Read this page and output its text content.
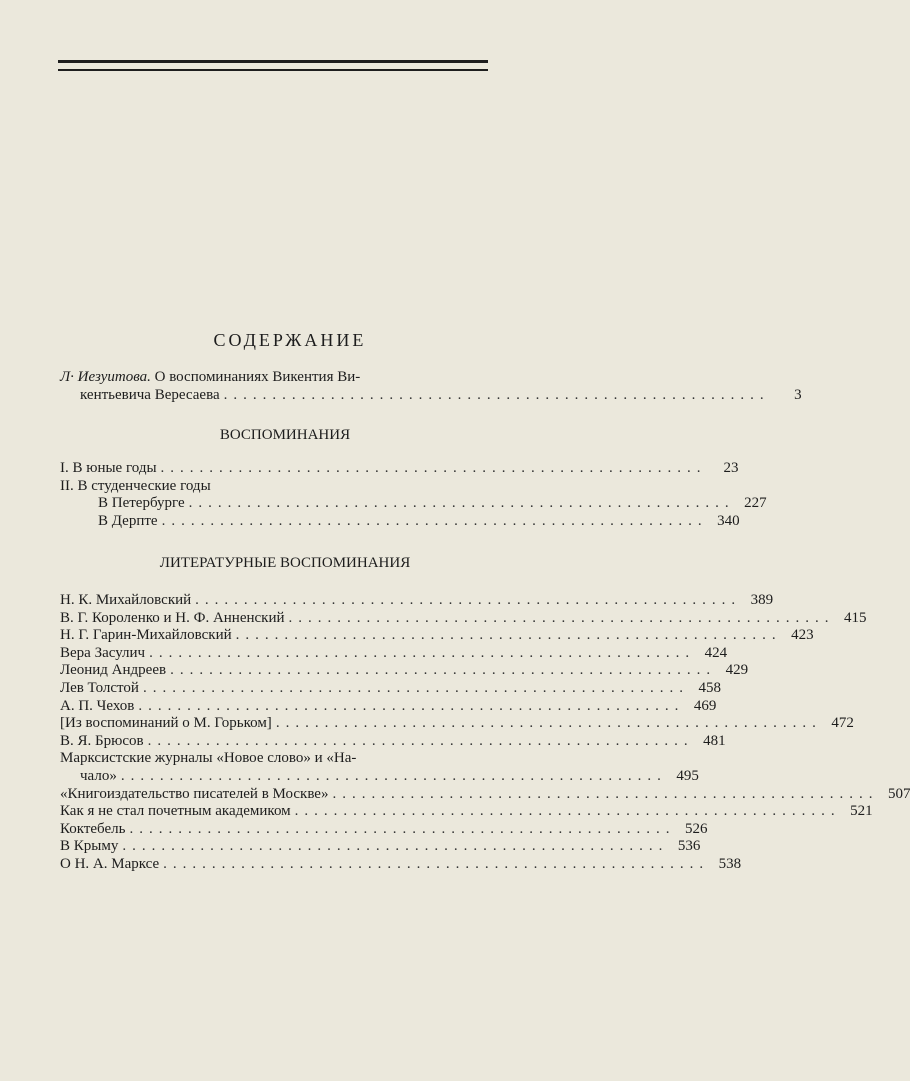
СОДЕРЖАНИЕ
Л· Иезуитова. О воспоминаниях Викентия Ви-
кентьевича Вересаева ........................................................	3
ВОСПОМИНАНИЯ
I. В юные годы ........................................................	23
II. В студенческие годы
В Петербурге ........................................................ 227
В Дерпте ........................................................ 340
ЛИТЕРАТУРНЫЕ ВОСПОМИНАНИЯ
Н. К. Михайловский ........................................................ 389
В. Г. Короленко и Н. Ф. Анненский ........................................................ 415
Н. Г. Гарин-Михайловский ........................................................ 423
Вера Засулич ........................................................ 424
Леонид Андреев ........................................................ 429
Лев Толстой ........................................................ 458
А. П. Чехов ........................................................ 469
[Из воспоминаний о М. Горьком] ........................................................ 472
В. Я. Брюсов ........................................................ 481
Марксистские журналы «Новое слово» и «На-
чало» ........................................................ 495
«Книгоиздательство писателей в Москве» ........................................................ 507
Как я не стал почетным академиком ........................................................ 521
Коктебель ........................................................ 526
В Крыму ........................................................ 536
О Н. А. Марксе ........................................................ 538
